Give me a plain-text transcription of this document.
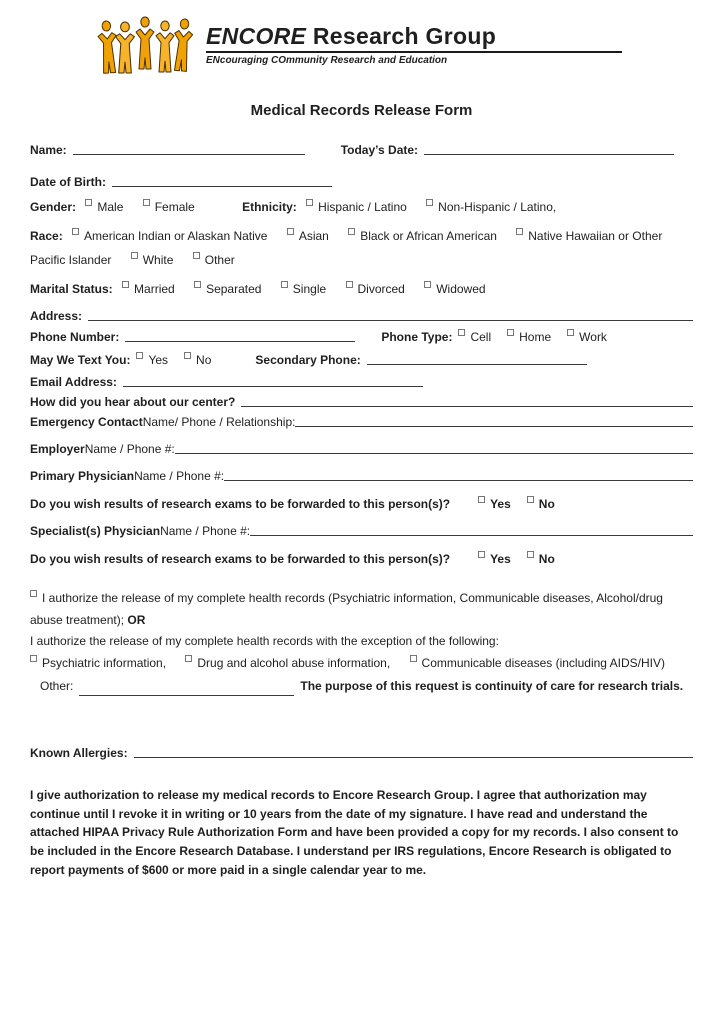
ENCORE Research Group
ENcouraging COmmunity Research and Education
Medical Records Release Form
Name:	Today’s Date:
Date of Birth:
Gender: Male	Female	Ethnicity: Hispanic / Latino	Non-Hispanic / Latino,
Race: American Indian or Alaskan Native	Asian	Black or African American	Native Hawaiian or Other Pacific Islander	White	Other
Marital Status: Married	Separated	Single	Divorced	Widowed
Address:
Phone Number:	Phone Type:	Cell	Home	Work
May We Text You:	Yes	No	Secondary Phone:
Email Address:
How did you hear about our center?
Emergency Contact Name/ Phone / Relationship:
Employer Name / Phone #:
Primary Physician Name / Phone #:
Do you wish results of research exams to be forwarded to this person(s)?	Yes	No
Specialist(s) Physician Name / Phone #:
Do you wish results of research exams to be forwarded to this person(s)?	Yes	No
I authorize the release of my complete health records (Psychiatric information, Communicable diseases, Alcohol/drug abuse treatment); OR
I authorize the release of my complete health records with the exception of the following:
Psychiatric information,	Drug and alcohol abuse information,	Communicable diseases (including AIDS/HIV)
Other:	The purpose of this request is continuity of care for research trials.
Known Allergies:
I give authorization to release my medical records to Encore Research Group. I agree that authorization may continue until I revoke it in writing or 10 years from the date of my signature. I have read and understand the attached HIPAA Privacy Rule Authorization Form and have been provided a copy for my records. I also consent to be included in the Encore Research Database. I understand per IRS regulations, Encore Research is obligated to report payments of $600 or more paid in a single calendar year to me.
